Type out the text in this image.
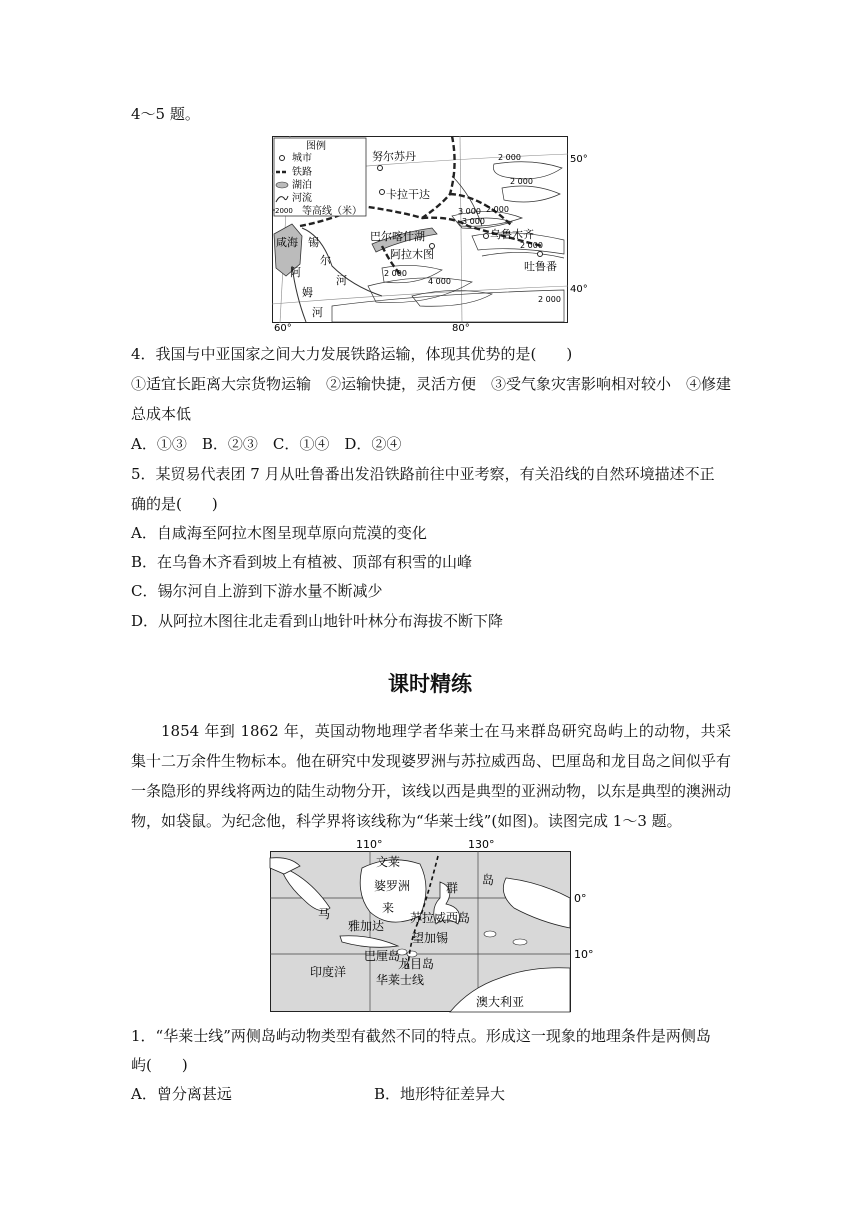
4～5 题。
图例
城市
铁路
湖泊
河流
2000 等高线（米）
努尔苏丹
卡拉干达
咸海	巴尔喀什湖
阿拉木图
乌鲁木齐
吐鲁番
锡
尔
河
阿
姆
河
2 000
2 000
3 000
3 000
2 000
2 000
2 000
4 000
2 000
50°
40°
60°	80°
4．我国与中亚国家之间大力发展铁路运输，体现其优势的是(　　)
①适宜长距离大宗货物运输　②运输快捷，灵活方便　③受气象灾害影响相对较小　④修建
总成本低
A．①③　B．②③　C．①④　D．②④
5．某贸易代表团 7 月从吐鲁番出发沿铁路前往中亚考察，有关沿线的自然环境描述不正
确的是(　　)
A．自咸海至阿拉木图呈现草原向荒漠的变化
B．在乌鲁木齐看到坡上有植被、顶部有积雪的山峰
C．锡尔河自上游到下游水量不断减少
D．从阿拉木图往北走看到山地针叶林分布海拔不断下降
课时精练
1854 年到 1862 年，英国动物地理学者华莱士在马来群岛研究岛屿上的动物，共采集十二万余件生物标本。他在研究中发现婆罗洲与苏拉威西岛、巴厘岛和龙目岛之间似乎有一条隐形的界线将两边的陆生动物分开，该线以西是典型的亚洲动物，以东是典型的澳洲动物，如袋鼠。为纪念他，科学界将该线称为“华莱士线”(如图)。读图完成 1～3 题。
110°	130°
0°
10°
文莱
婆罗洲	群
岛
马	来
苏拉威西岛
雅加达
望加锡
巴厘岛
龙目岛
印度洋
华莱士线
澳大利亚
1．“华莱士线”两侧岛屿动物类型有截然不同的特点。形成这一现象的地理条件是两侧岛
屿(　　)
A．曾分离甚远	B．地形特征差异大
